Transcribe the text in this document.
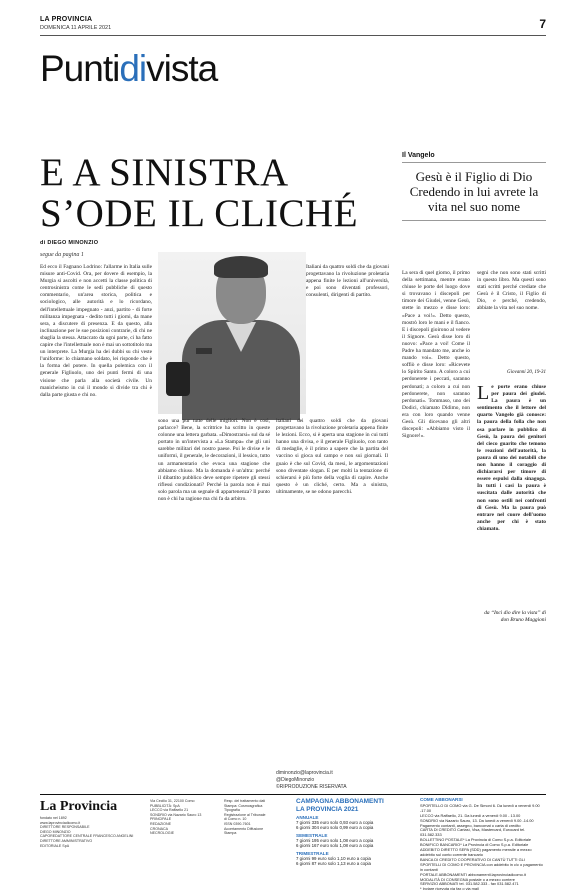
LA PROVINCIA
DOMENICA 11 APRILE 2021	7
Puntidivista
E A SINISTRA
S’ODE IL CLICHÉ
di DIEGO MINONZIO
segue da pagina 1

Ed ecco il Fagnano Lodrino: l'allarme in Italia sulle misure anti-Covid. Ora, per dovere di esempio, la Murgia si ascolti e non accetti la classe politica di centrosinistra come le sedi pubbliche di questo commentario, un'area storica, politica e sociologico, alle autorità e lo ricordano, dell'intellettuale impegnato - anzi, partito - di forte militanza impegnata - dedito tutti i giorni, da mane sera, a discutere di presenza. E da questo, alla inclinazione per le sue posizioni contrarie, di chi ne sbaglia la stessa. Attaccato da ogni parte, ci ha fatto capire che l'intellettuale non è mai un sottotitolo ma un interprete. La Murgia ha dei dubbi su chi veste l'uniforme: lo chiamano soldato, lei risponde che è la forma del potere. In quella polemica con il generale Figliuolo, uno dei punti fermi di una visione che parla alla società civile. Un manicheismo in cui il mondo si divide tra chi è dalla parte giusta e chi no.

Italiani da quattro soldi che da giovani progettavano la rivoluzione proletaria appena finite le lezioni all'università, e poi sono diventati professori, consulenti, dirigenti di partito.

sono una pur tutte delle migliori. Non è così, parlacce? Bene, la scrittrice ha scritto in queste colonne una lettera garbata. «Dimostrarsi» sul da sé portato in un'intervista a «La Stampa» che gli uni sarebbe militari del nostro paese. Poi le divise e le uniformi, il generale, le decorazioni, il lessico, tutto un armamentario che evoca una stagione che abbiamo chiuso. Ma la domanda è un'altra: perché il dibattito pubblico deve sempre ripetere gli stessi riflessi condizionati? Perché la parola non è mai solo parola ma un segnale di appartenenza? Il punto non è chi ha ragione ma chi fa da arbitro.

italiani dei quattro soldi che da giovani progettavano la rivoluzione proletaria appena finite le lezioni. Ecco, si è aperta una stagione in cui tutti hanno una divisa, e il generale Figliuolo, con tanto di medaglie, è il primo a sapere che la partita del vaccino si gioca sul campo e non sui giornali. Il guaio è che sul Covid, da mesi, le argomentazioni sono diventate slogan. E per molti la tentazione di schierarsi è più forte della voglia di capire. Anche questo è un cliché, certo. Ma a sinistra, ultimamente, se ne odono parecchi.

diminonzio@laprovincia.it
@DiegoMinonzio
©RIPRODUZIONE RISERVATA
Il Vangelo
Gesù è il Figlio di Dio Credendo in lui avrete la vita nel suo nome
La sera di quel giorno, il primo della settimana, mentre erano chiuse le porte del luogo dove si trovavano i discepoli per timore dei Giudei, venne Gesù, stette in mezzo e disse loro: «Pace a voi!». Detto questo, mostrò loro le mani e il fianco. E i discepoli gioirono al vedere il Signore. Gesù disse loro di nuovo: «Pace a voi! Come il Padre ha mandato me, anche io mando voi». Detto questo, soffiò e disse loro: «Ricevete lo Spirito Santo. A coloro a cui perdonerete i peccati, saranno perdonati; a coloro a cui non perdonerete, non saranno perdonati». Tommaso, uno dei Dodici, chiamato Dìdimo, non era con loro quando venne Gesù. Gli dicevano gli altri discepoli: «Abbiamo visto il Signore!».
segni che non sono stati scritti in questo libro. Ma questi sono stati scritti perché crediate che Gesù è il Cristo, il Figlio di Dio, e perché, credendo, abbiate la vita nel suo nome.
Giovanni 20, 19-31
Le porte erano chiuse per paura dei giudei. La paura è un sentimento che il lettore del quarto Vangelo già conosce: la paura della folla che non osa parlare in pubblico di Gesù, la paura dei genitori del cieco guarito che temono le reazioni dell'autorità, la paura di uno dei notabili che non hanno il coraggio di dichiararsi per timore di essere espulsi dalla sinagoga. In tutti i casi la paura è suscitata dalle autorità che non sono ostili nei confronti di Gesù. Ma la paura può entrare nel cuore dell'uomo anche per chi è stato chiamato.
da “Incì dìo dire la vista” di don Bruno Maggioni
La Provincia
fondato nel 1892
www.laprovinciadicomo.it
DIRETTORE RESPONSABILE
DIEGO MINONZIO
CAPOREDATTORE CENTRALE FRANCESCO ANGELINI
DIRETTORE AMMINISTRATIVO
EDITORIALE SpA
Via Cecilio 31, 22100 Como
PUBBLICITÀ: SpA
LECCO via Raffaello 21
SONDRIO via Nazario Sauro 13
PRINCIPALE
REDAZIONE
CRONACA
NECROLOGIE
Resp. del trattamento dati
Stampa: Cosmosgrafica
Tipografia
Registrazione al Tribunale
di Como n. 10
ISSN 0390-7601
Accertamento Diffusione
Stampa
CAMPAGNA ABBONAMENTI
LA PROVINCIA 2021
ANNUALE
7 giorni 335 euro solo 0,93 euro a copia
6 giorni 304 euro solo 0,99 euro a copia
SEMESTRALE
7 giorni 195 euro solo 1,08 euro a copia
6 giorni 167 euro solo 1,08 euro a copia
TRIMESTRALE
7 giorni 99 euro solo 1,10 euro a copia
6 giorni 87 euro solo 1,13 euro a copia
COME ABBONARSI
SPORTELLO DI COMO via G. De Simoni 6. Da lunedì a venerdì 9.00 -17.00
LECCO via Raffaello, 21. Da lunedì a venerdì 9.00 - 13.00
SONDRIO via Nazario Sauro, 13. Da lunedì a venerdì 9.00 -14.00
Pagamento contanti, assegno, bancomat o carta di credito
CARTA DI CREDITO Cartasì, Visa, Mastercard, Eurocard tel. 031.582.333
BOLLETTINO POSTALE* La Provincia di Como S.p.a. Editoriale
BONIFICO BANCARIO* La Provincia di Como S.p.a. Editoriale
ADDEBITO DIRETTO SEPA (SDD) pagamento mensile a mezzo addebito sul conto corrente bancario
BANCA DI CREDITO COOPERATIVO DI CANTÙ TUTTI GLI SPORTELLI DI COMO E PROVINCIA con addebito in c/c o pagamento in contanti
PORTALE ABBONAMENTI abbonamenti.laprovinciadicomo.it
MODALITÀ DI CONSEGNA postale o a mezzo corriere
SERVIZIO ABBONATI tel. 031.582.333 - fax 031.582.471
* Inviare ricevuta via fax o via mail
